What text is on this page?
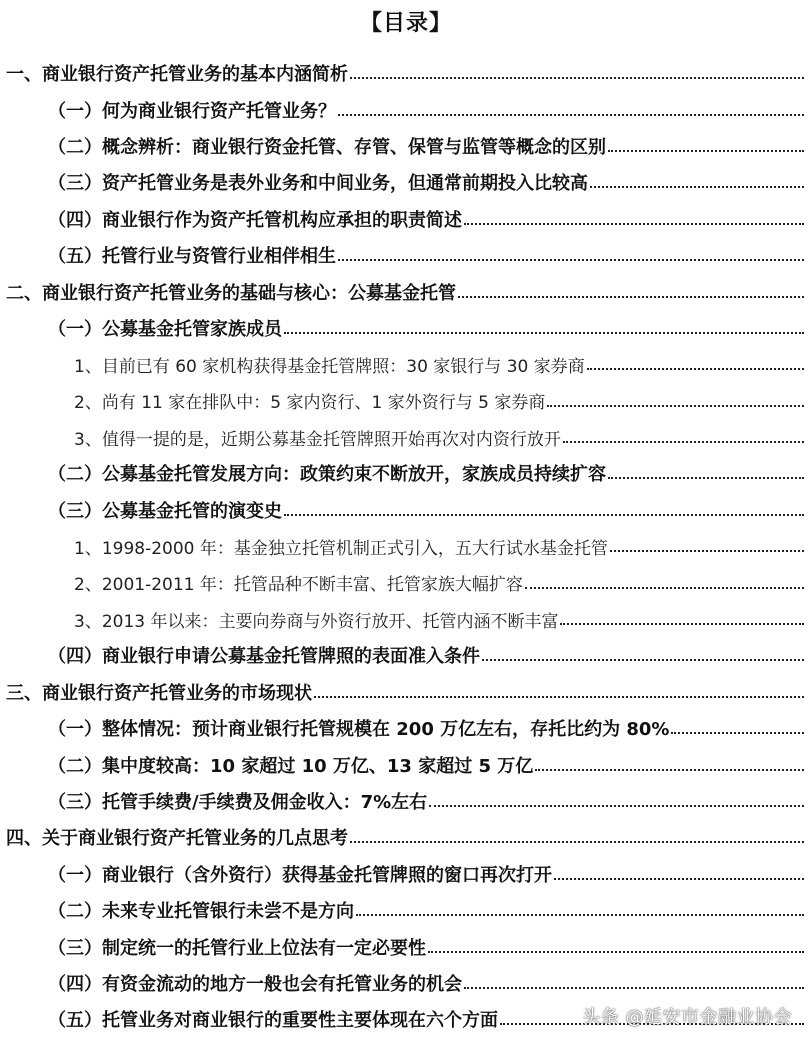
【目录】
一、商业银行资产托管业务的基本内涵简析
（一）何为商业银行资产托管业务？
（二）概念辨析：商业银行资金托管、存管、保管与监管等概念的区别
（三）资产托管业务是表外业务和中间业务，但通常前期投入比较高
（四）商业银行作为资产托管机构应承担的职责简述
（五）托管行业与资管行业相伴相生
二、商业银行资产托管业务的基础与核心：公募基金托管
（一）公募基金托管家族成员
1、目前已有 60 家机构获得基金托管牌照：30 家银行与 30 家券商
2、尚有 11 家在排队中：5 家内资行、1 家外资行与 5 家券商
3、值得一提的是，近期公募基金托管牌照开始再次对内资行放开
（二）公募基金托管发展方向：政策约束不断放开，家族成员持续扩容
（三）公募基金托管的演变史
1、1998-2000 年：基金独立托管机制正式引入，五大行试水基金托管
2、2001-2011 年：托管品种不断丰富、托管家族大幅扩容
3、2013 年以来：主要向券商与外资行放开、托管内涵不断丰富
（四）商业银行申请公募基金托管牌照的表面准入条件
三、商业银行资产托管业务的市场现状
（一）整体情况：预计商业银行托管规模在 200 万亿左右，存托比约为 80%
（二）集中度较高：10 家超过 10 万亿、13 家超过 5 万亿
（三）托管手续费/手续费及佣金收入：7%左右
四、关于商业银行资产托管业务的几点思考
（一）商业银行（含外资行）获得基金托管牌照的窗口再次打开
（二）未来专业托管银行未尝不是方向
（三）制定统一的托管行业上位法有一定必要性
（四）有资金流动的地方一般也会有托管业务的机会
（五）托管业务对商业银行的重要性主要体现在六个方面	头条 @延安市金融业协会
